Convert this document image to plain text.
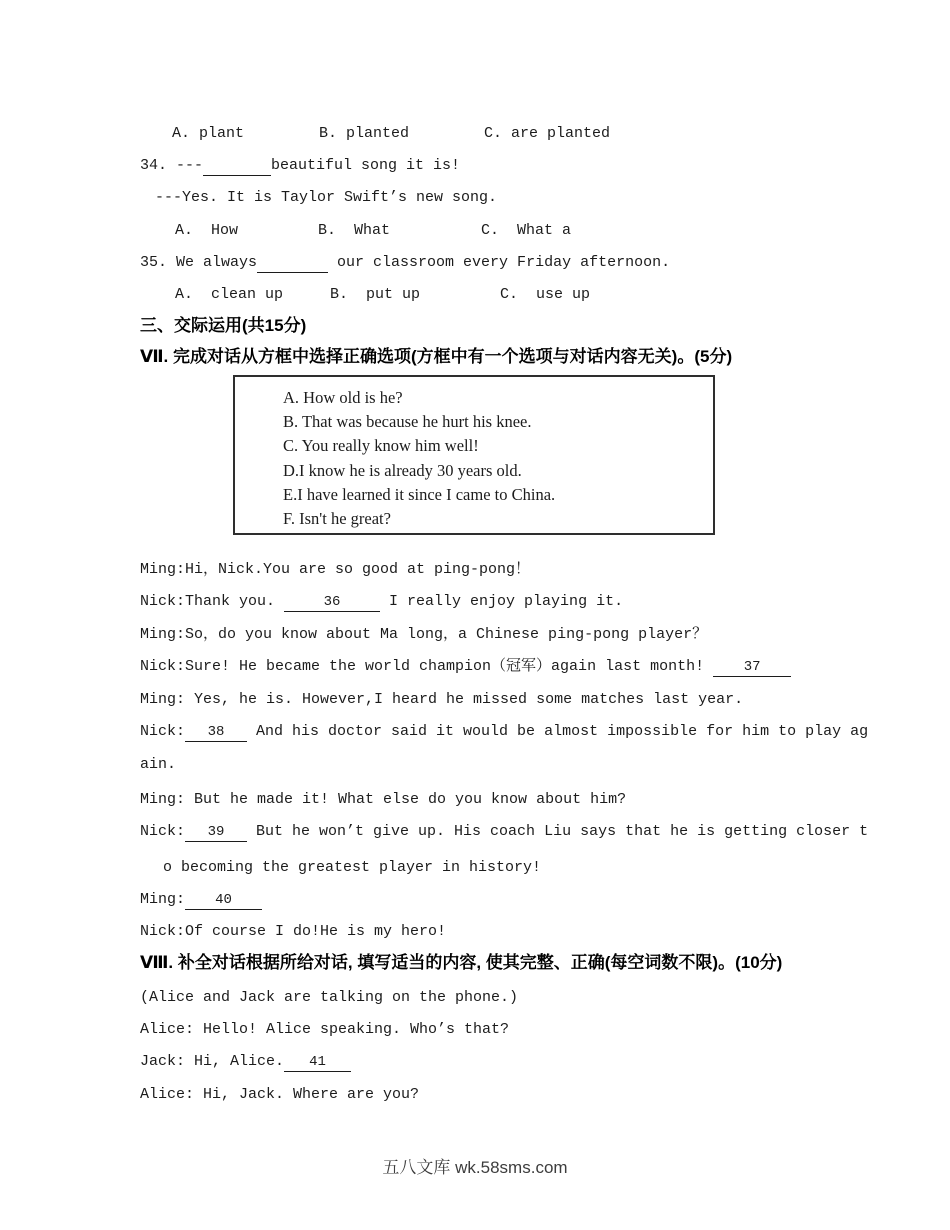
A. plant	B. planted	C. are planted
34. ---	beautiful song it is!
---Yes. It is Taylor Swift’s new song.
A.  How	B.  What	C.  What a
35. We always	our classroom every Friday afternoon.
A.  clean up	B.  put up	C.  use up
三、交际运用(共15分)
Ⅶ. 完成对话从方框中选择正确选项(方框中有一个选项与对话内容无关)。(5分)
A. How old is he?
B. That was because he hurt his knee.
C. You really know him well!
D.I know he is already 30 years old.
E.I have learned it since I came to China.
F. Isn't he great?
Ming:Hi，Nick.You are so good at ping-pong！
Nick:Thank you.	36	I really enjoy playing it.
Ming:So，do you know about Ma long，a Chinese ping-pong player？
Nick:Sure! He became the world champion（冠军）again last month! 37
Ming: Yes, he is. However,I heard he missed some matches last year.
Nick: 38 And his doctor said it would be almost impossible for him to play ag
ain.
Ming: But he made it! What else do you know about him?
Nick: 39 But he won’t give up. His coach Liu says that he is getting closer t
o becoming the greatest player in history!
Ming: 40
Nick:Of course I do!He is my hero!
Ⅷ. 补全对话根据所给对话, 填写适当的内容, 使其完整、正确(每空词数不限)。(10分)
(Alice and Jack are talking on the phone.)
Alice: Hello! Alice speaking. Who’s that?
Jack: Hi, Alice. 41
Alice: Hi, Jack. Where are you?
五八文库 wk.58sms.com
